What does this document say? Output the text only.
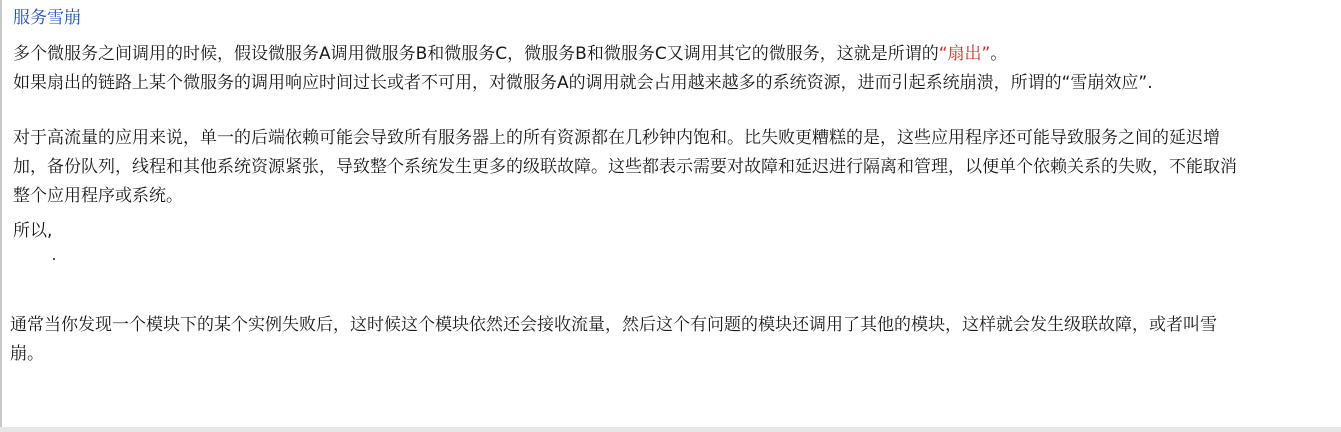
服务雪崩

多个微服务之间调用的时候，假设微服务A调用微服务B和微服务C，微服务B和微服务C又调用其它的微服务，这就是所谓的“扇出”。
如果扇出的链路上某个微服务的调用响应时间过长或者不可用，对微服务A的调用就会占用越来越多的系统资源，进而引起系统崩溃，所谓的“雪崩效应”.

对于高流量的应用来说，单一的后端依赖可能会导致所有服务器上的所有资源都在几秒钟内饱和。比失败更糟糕的是，这些应用程序还可能导致服务之间的延迟增加，备份队列，线程和其他系统资源紧张，导致整个系统发生更多的级联故障。这些都表示需要对故障和延迟进行隔离和管理，以便单个依赖关系的失败，不能取消整个应用程序或系统。

所以,

通常当你发现一个模块下的某个实例失败后，这时候这个模块依然还会接收流量，然后这个有问题的模块还调用了其他的模块，这样就会发生级联故障，或者叫雪崩。
